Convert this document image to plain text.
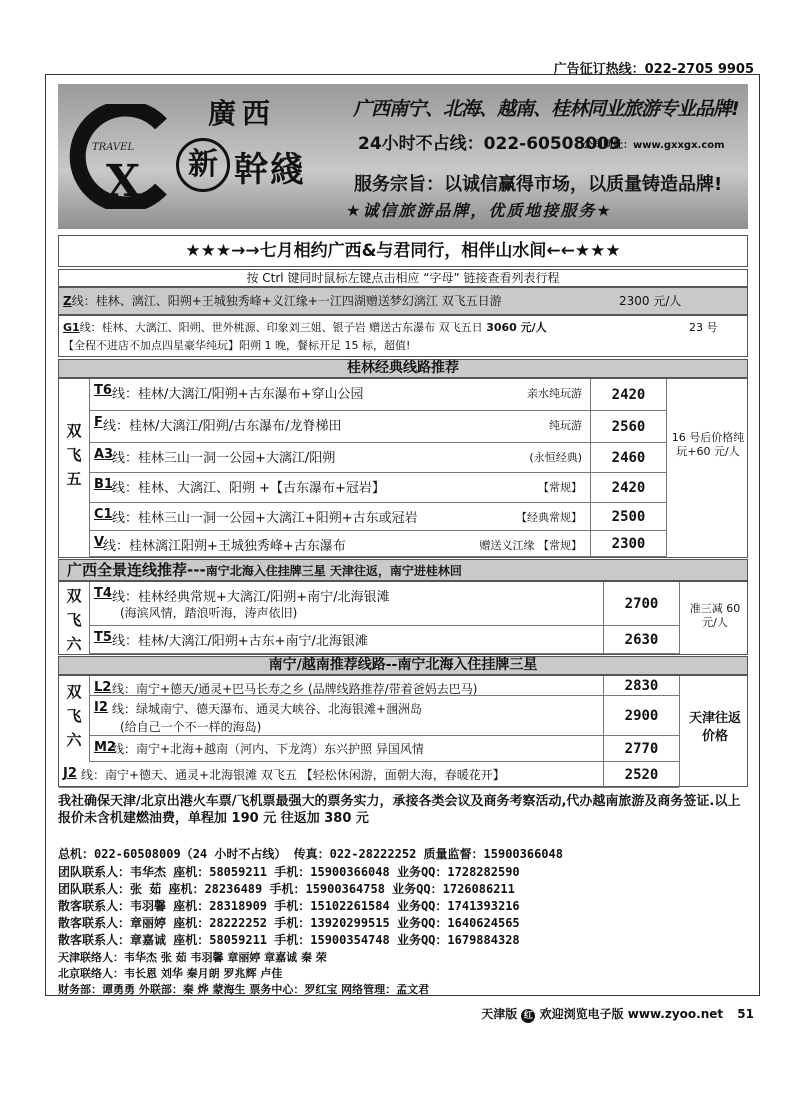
广告征订热线：022-2705 9905
TRAVEL
X
廣西
新 幹綫
广西南宁、北海、越南、桂林同业旅游专业品牌!
24小时不占线：022-60508009
公司网址：www.gxxgx.com
服务宗旨：以诚信赢得市场，以质量铸造品牌!
★诚信旅游品牌，优质地接服务★
★★★→→七月相约广西&与君同行，相伴山水间←←★★★
按 Ctrl 键同时鼠标左键点击相应 “字母” 链接查看列表行程
Z线：桂林、漓江、阳朔+王城独秀峰+义江缘+一江四湖赠送梦幻漓江 双飞五日游	2300 元/人
G1线：桂林、大漓江、阳朔、世外桃源、印象刘三姐、银子岩 赠送古东瀑布 双飞五日 3060 元/人	23 号
【全程不进店不加点四星豪华纯玩】阳朔 1 晚，餐标开足 15 标，超值!
桂林经典线路推荐
双
飞
五
16 号后价格纯玩+60 元/人
T6 线：桂林/大漓江/阳朔+古东瀑布+穿山公园	亲水纯玩游	2420
F 线：桂林/大漓江/阳朔/古东瀑布/龙脊梯田	纯玩游	2560
A3
线：桂林三山一洞一公园+大漓江/阳朔	(永恒经典)	2460
B1 线：桂林、大漓江、阳朔 +【古东瀑布+冠岩】	【常规】	2420
C1 线：桂林三山一洞一公园+大漓江+阳朔+古东或冠岩	【经典常规】	2500
V
线：桂林漓江阳朔+王城独秀峰+古东瀑布	赠送义江缘 【常规】	2300
广西全景连线推荐---南宁北海入住挂牌三星 天津往返，南宁进桂林回
双
飞
六
准三减 60 元/人
T4 线：桂林经典常规+大漓江/阳朔+南宁/北海银滩
(海滨风情，踏浪听海，涛声依旧)
2700
T5 线：桂林/大漓江/阳朔+古东+南宁/北海银滩	2630
南宁/越南推荐线路--南宁北海入住挂牌三星
双
飞
六
天津往返价格
L2 线：南宁+德天/通灵+巴马长寿之乡 (品牌线路推荐/带着爸妈去巴马)	2830
I2 线：绿城南宁、德天瀑布、通灵大峡谷、北海银滩+涠洲岛
(给自己一个不一样的海岛)
2900
M2
线：南宁+北海+越南（河内、下龙湾）东兴护照 异国风情	2770
J2 线：南宁+德天、通灵+北海银滩 双飞五 【轻松休闲游，面朝大海，春暖花开】	2520
我社确保天津/北京出港火车票/飞机票最强大的票务实力，承接各类会议及商务考察活动,代办越南旅游及商务签证.以上报价未含机建燃油费，单程加 190 元 往返加 380 元
总机：022-60508009（24 小时不占线） 传真：022-28222252 质量监督：15900366048
团队联系人：韦华杰 座机：58059211 手机：15900366048 业务QQ：1728282590
团队联系人：张 茹 座机：28236489 手机：15900364758 业务QQ：1726086211
散客联系人：韦羽馨 座机：28318909 手机：15102261584 业务QQ：1741393216
散客联系人：章丽婷 座机：28222252 手机：13920299515 业务QQ：1640624565
散客联系人：章嘉诚 座机：58059211 手机：15900354748 业务QQ：1679884328
天津联络人：韦华杰 张 茹 韦羽馨 章丽婷 章嘉诚 秦 荣
北京联络人：韦长恩 刘华 秦月朗 罗兆辉 卢佳
财务部：谭勇勇 外联部：秦 烨 蒙海生 票务中心：罗红宝 网络管理：孟文君
天津版 红 欢迎浏览电子版 www.zyoo.net 51
